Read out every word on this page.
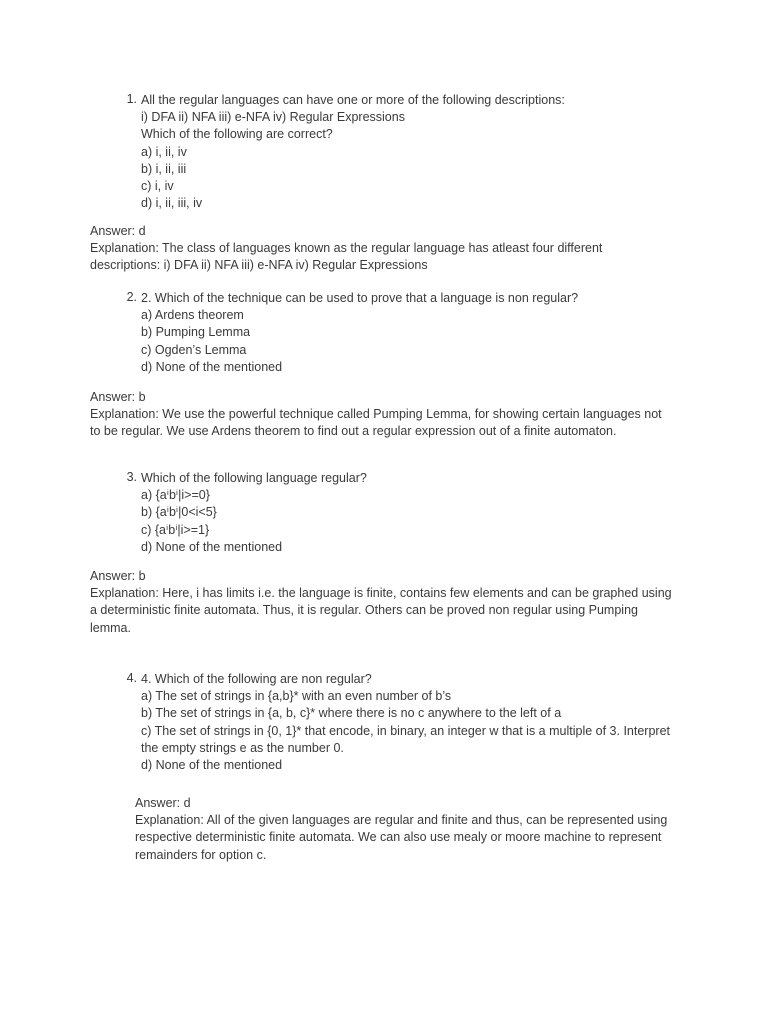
1. All the regular languages can have one or more of the following descriptions:
i) DFA ii) NFA iii) e-NFA iv) Regular Expressions
Which of the following are correct?
a) i, ii, iv
b) i, ii, iii
c) i, iv
d) i, ii, iii, iv
Answer: d
Explanation: The class of languages known as the regular language has atleast four different
descriptions: i) DFA ii) NFA iii) e-NFA iv) Regular Expressions
2. 2. Which of the technique can be used to prove that a language is non regular?
a) Ardens theorem
b) Pumping Lemma
c) Ogden’s Lemma
d) None of the mentioned
Answer: b
Explanation: We use the powerful technique called Pumping Lemma, for showing certain languages not
to be regular. We use Ardens theorem to find out a regular expression out of a finite automaton.
3. Which of the following language regular?
a) {aⁱbⁱ|i>=0}
b) {aⁱbⁱ|0<i<5}
c) {aⁱbⁱ|i>=1}
d) None of the mentioned
Answer: b
Explanation: Here, i has limits i.e. the language is finite, contains few elements and can be graphed using
a deterministic finite automata. Thus, it is regular. Others can be proved non regular using Pumping
lemma.
4. 4. Which of the following are non regular?
a) The set of strings in {a,b}* with an even number of b’s
b) The set of strings in {a, b, c}* where there is no c anywhere to the left of a
c) The set of strings in {0, 1}* that encode, in binary, an integer w that is a multiple of 3. Interpret
the empty strings e as the number 0.
d) None of the mentioned
Answer: d
Explanation: All of the given languages are regular and finite and thus, can be represented using
respective deterministic finite automata. We can also use mealy or moore machine to represent
remainders for option c.
